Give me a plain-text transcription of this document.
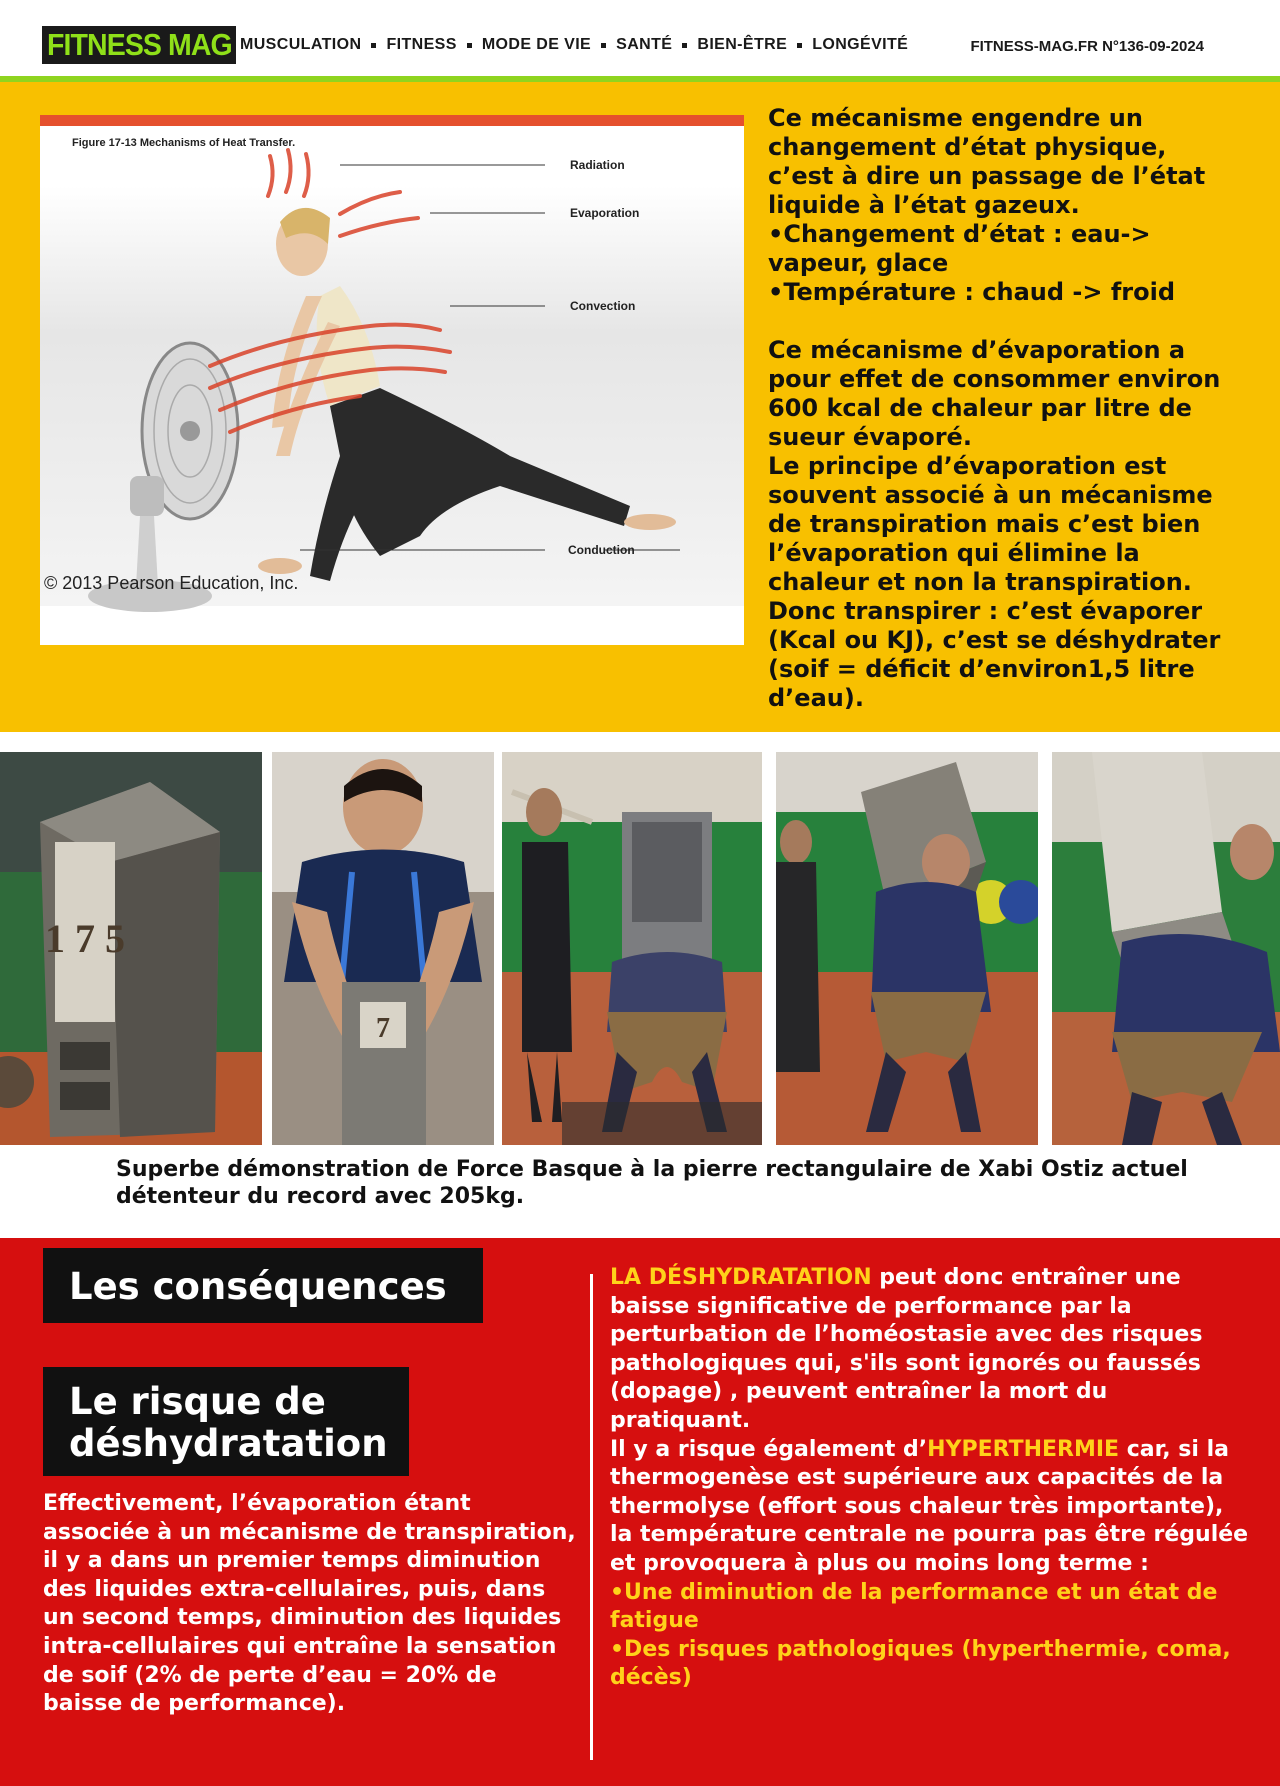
FITNESS MAG MUSCULATION FITNESS MODE DE VIE SANTÉ BIEN-ÊTRE LONGÉVITÉ	FITNESS-MAG.FR N°136-09-2024
Figure 17-13 Mechanisms of Heat Transfer.
Radiation
Evaporation
Convection
Conduction
© 2013 Pearson Education, Inc.

Ce mécanisme engendre un changement d’état physique, c’est à dire un passage de l’état liquide à l’état gazeux.

•Changement d’état : eau-> vapeur, glace

•Température : chaud -> froid

Ce mécanisme d’évaporation a pour effet de consommer environ 600 kcal de chaleur par litre de sueur évaporé.

Le principe d’évaporation est souvent associé à un mécanisme de transpiration mais c’est bien l’évaporation qui élimine la chaleur et non la transpiration.

Donc transpirer : c’est évaporer (Kcal ou KJ), c’est se déshydrater

(soif = déficit d’environ1,5 litre d’eau).

1 7 5
7
Superbe démonstration de Force Basque à la pierre rectangulaire de Xabi Ostiz actuel détenteur du record avec 205kg.
Les conséquences
Le risque de
déshydratation
Effectivement, l’évaporation étant associée à un mécanisme de transpiration, il y a dans un premier temps diminution des liquides extra-cellulaires, puis, dans un second temps, diminution des liquides intra-cellulaires qui entraîne la sensation de soif (2% de perte d’eau = 20% de baisse de performance).

LA DÉSHYDRATATION peut donc entraîner une baisse significative de performance par la perturbation de l’homéostasie avec des risques pathologiques qui, s'ils sont ignorés ou faussés (dopage) , peuvent entraîner la mort du pratiquant.

Il y a risque également d’HYPERTHERMIE car, si la thermogenèse est supérieure aux capacités de la thermolyse (effort sous chaleur très importante), la température centrale ne pourra pas être régulée et provoquera à plus ou moins long terme :

•Une diminution de la performance et un état de fatigue

•Des risques pathologiques (hyperthermie, coma, décès)
